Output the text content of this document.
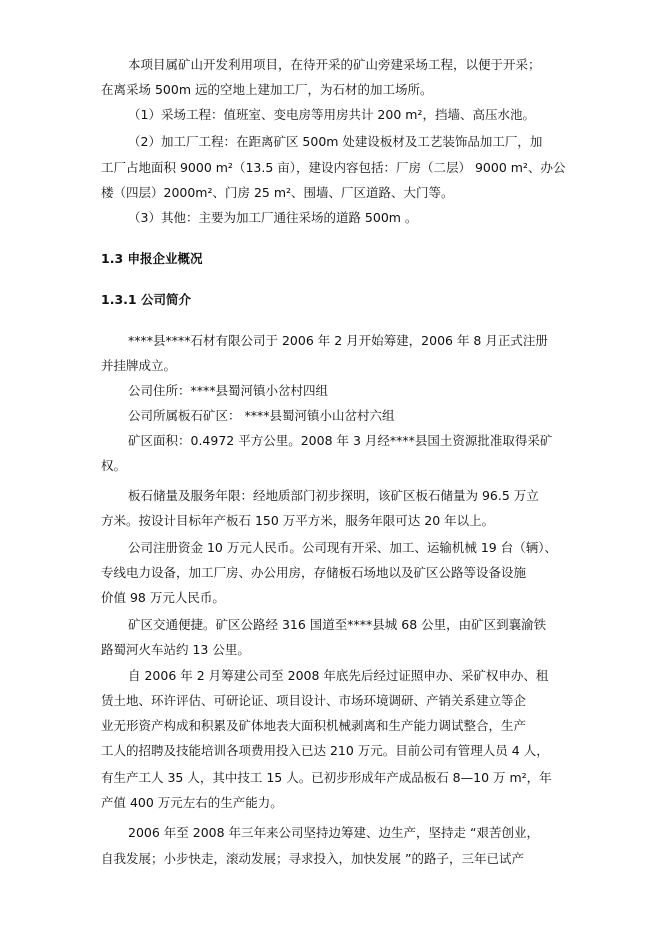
本项目属矿山开发利用项目，在待开采的矿山旁建采场工程，以便于开采；
在离采场 500m 远的空地上建加工厂，为石材的加工场所。
（1）采场工程：值班室、变电房等用房共计 200 m²，挡墙、高压水池。
（2）加工厂工程：在距离矿区 500m 处建设板材及工艺装饰品加工厂，加
工厂占地面积 9000 m²（13.5 亩），建设内容包括：厂房（二层） 9000 m²、办公
楼（四层）2000m²、门房 25 m²、围墙、厂区道路、大门等。
（3）其他：主要为加工厂通往采场的道路 500m 。
1.3 申报企业概况
1.3.1 公司简介
****县****石材有限公司于 2006 年 2 月开始筹建，2006 年 8 月正式注册
并挂牌成立。
公司住所：****县蜀河镇小岔村四组
公司所属板石矿区： ****县蜀河镇小山岔村六组
矿区面积：0.4972 平方公里。2008 年 3 月经****县国土资源批准取得采矿
权。
板石储量及服务年限：经地质部门初步探明，该矿区板石储量为 96.5 万立
方米。按设计目标年产板石 150 万平方米，服务年限可达 20 年以上。
公司注册资金 10 万元人民币。公司现有开采、加工、运输机械 19 台（辆）、
专线电力设备，加工厂房、办公用房，存储板石场地以及矿区公路等设备设施
价值 98 万元人民币。
矿区交通便捷。矿区公路经 316 国道至****县城 68 公里，由矿区到襄渝铁
路蜀河火车站约 13 公里。
自 2006 年 2 月筹建公司至 2008 年底先后经过证照申办、采矿权申办、租
赁土地、环许评估、可研论证、项目设计、市场环境调研、产销关系建立等企
业无形资产构成和积累及矿体地表大面积机械剥离和生产能力调试整合，生产
工人的招聘及技能培训各项费用投入已达 210 万元。目前公司有管理人员 4 人，
有生产工人 35 人，其中技工 15 人。已初步形成年产成品板石 8—10 万 m²，年
产值 400 万元左右的生产能力。
2006 年至 2008 年三年来公司坚持边筹建、边生产，坚持走 “艰苦创业，
自我发展；小步快走，滚动发展；寻求投入，加快发展 ”的路子，三年已试产
